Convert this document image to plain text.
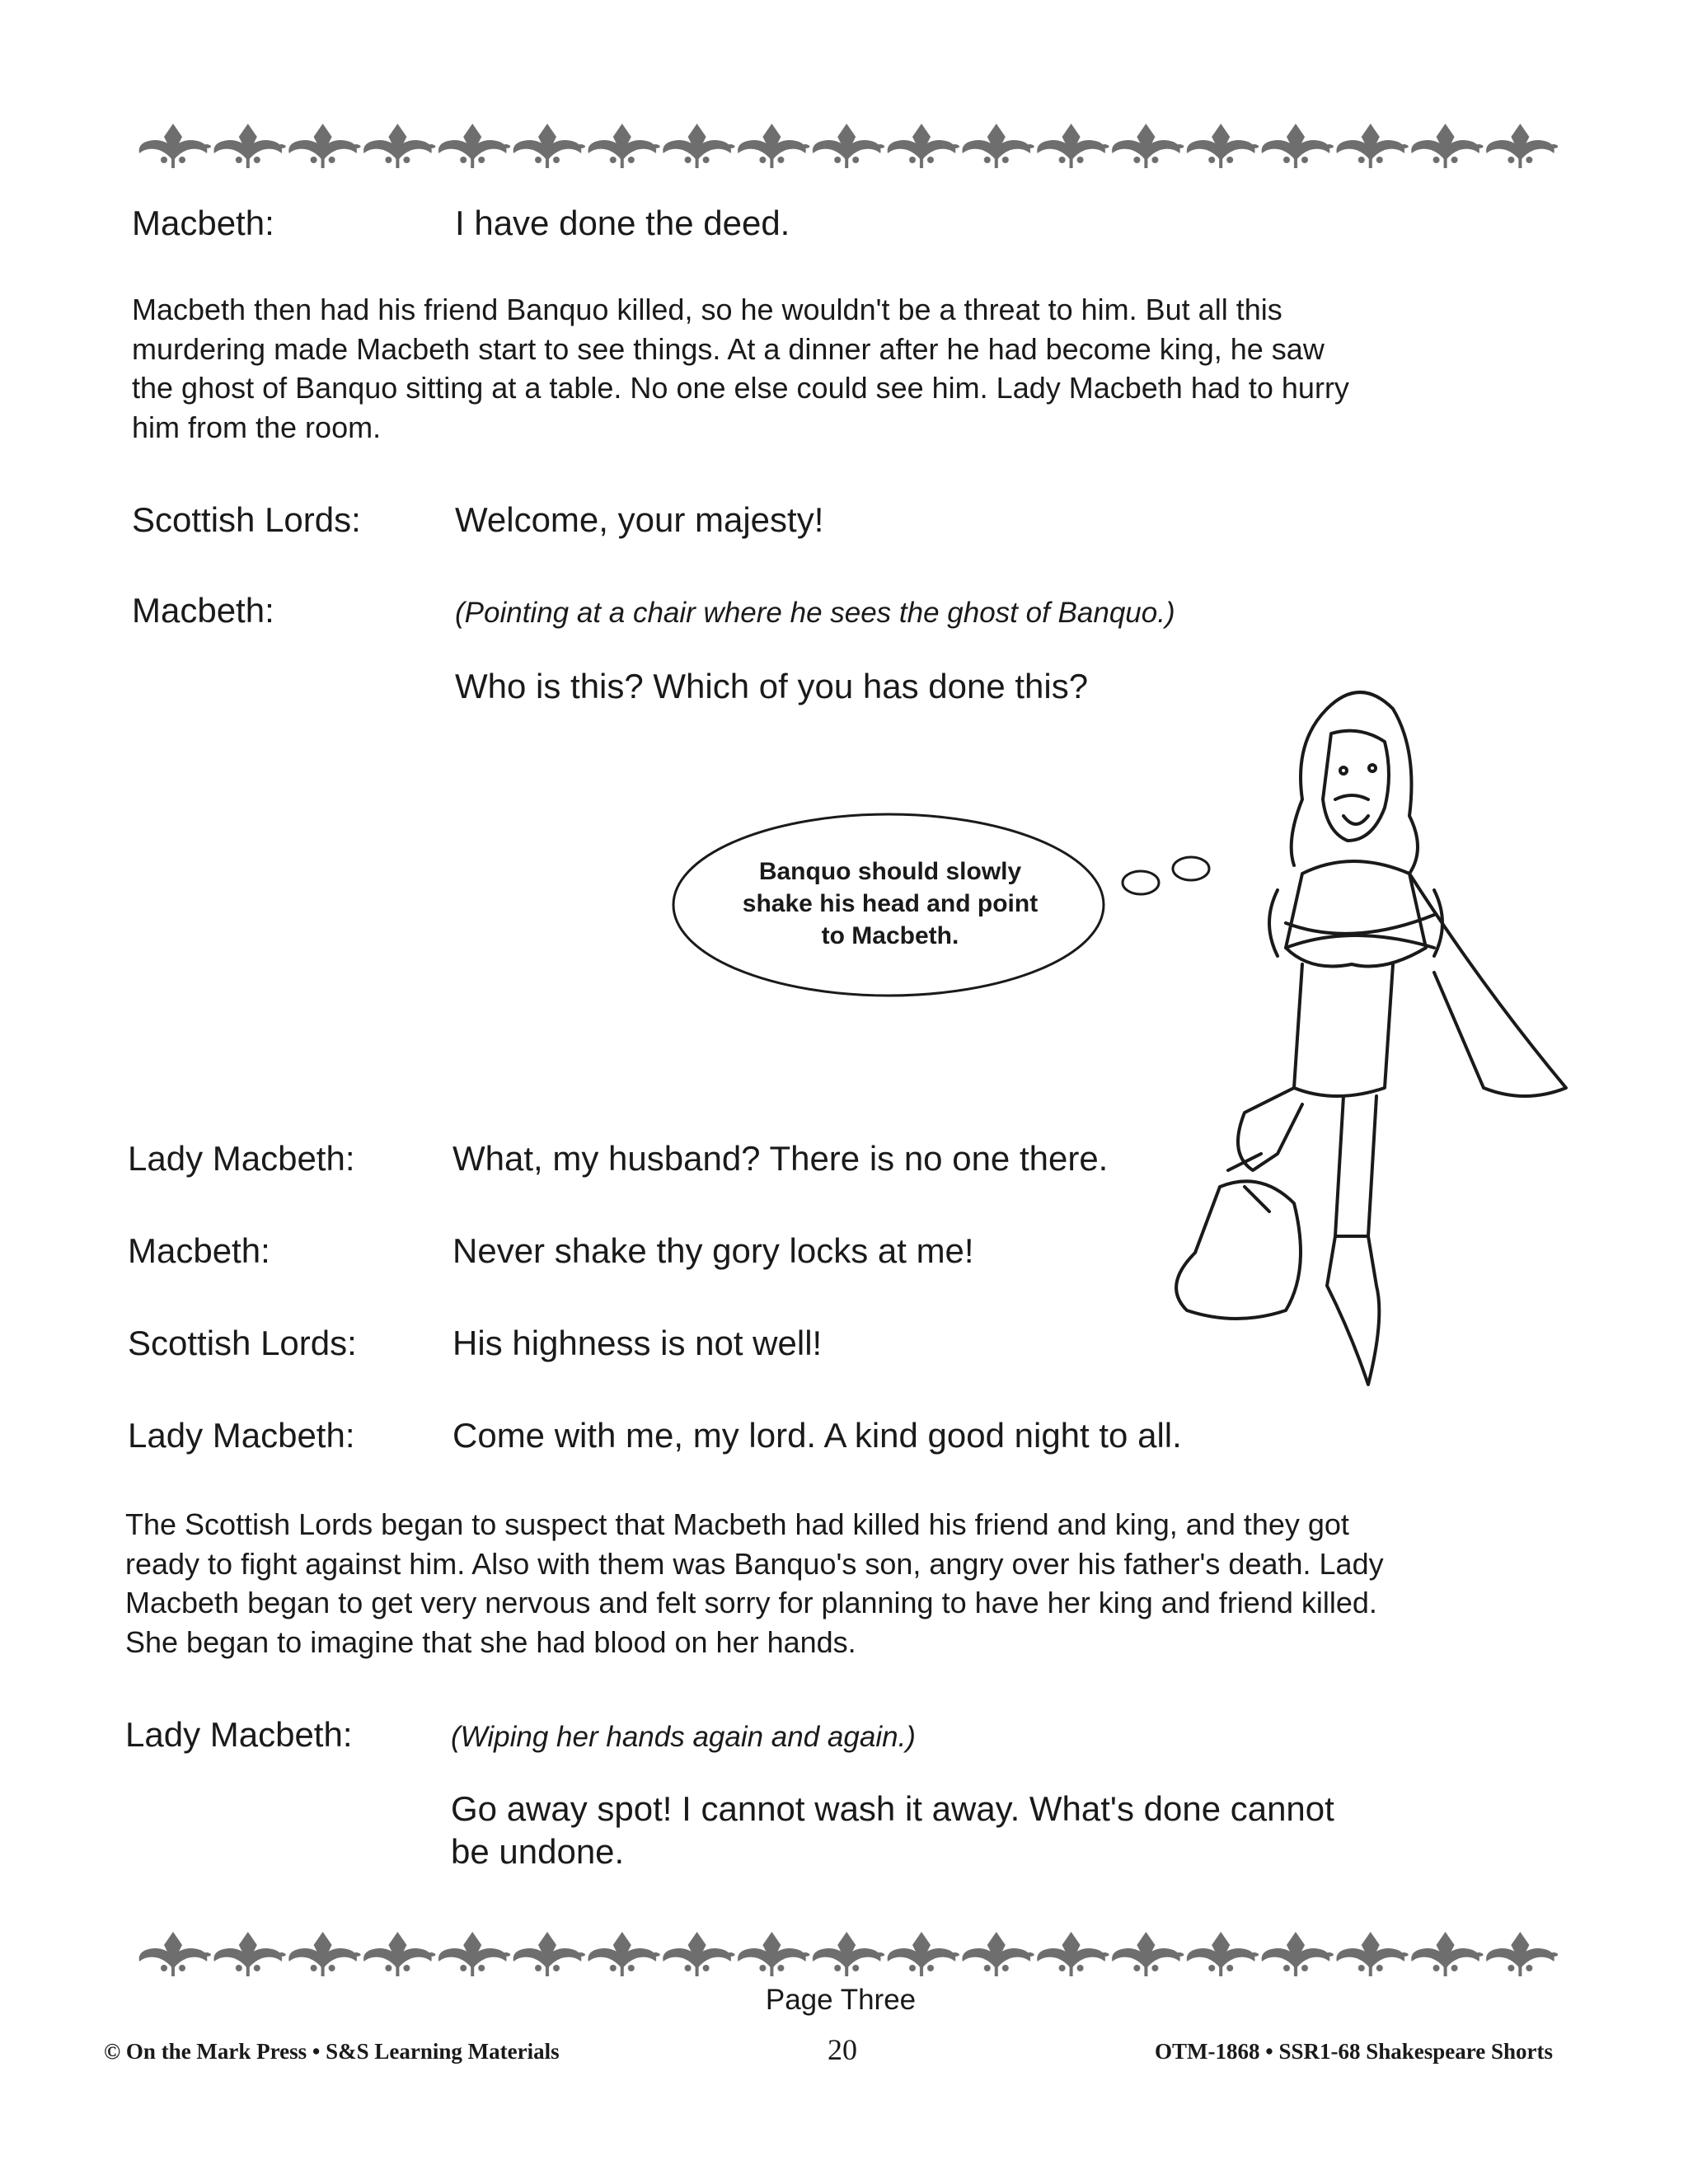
Macbeth:	I have done the deed.
Macbeth then had his friend Banquo killed, so he wouldn't be a threat to him. But all this
murdering made Macbeth start to see things. At a dinner after he had become king, he saw
the ghost of Banquo sitting at a table. No one else could see him. Lady Macbeth had to hurry
him from the room.
Scottish Lords:	Welcome, your majesty!
Macbeth:	(Pointing at a chair where he sees the ghost of Banquo.)
Who is this? Which of you has done this?
Banquo should slowly
shake his head and point
to Macbeth.
Lady Macbeth:	What, my husband? There is no one there.
Macbeth:	Never shake thy gory locks at me!
Scottish Lords:	His highness is not well!
Lady Macbeth:	Come with me, my lord. A kind good night to all.
The Scottish Lords began to suspect that Macbeth had killed his friend and king, and they got
ready to fight against him. Also with them was Banquo's son, angry over his father's death. Lady
Macbeth began to get very nervous and felt sorry for planning to have her king and friend killed.
She began to imagine that she had blood on her hands.
Lady Macbeth:	(Wiping her hands again and again.)
Go away spot! I cannot wash it away. What's done cannot
be undone.
Page Three
© On the Mark Press • S&S Learning Materials	20	OTM-1868 • SSR1-68 Shakespeare Shorts
